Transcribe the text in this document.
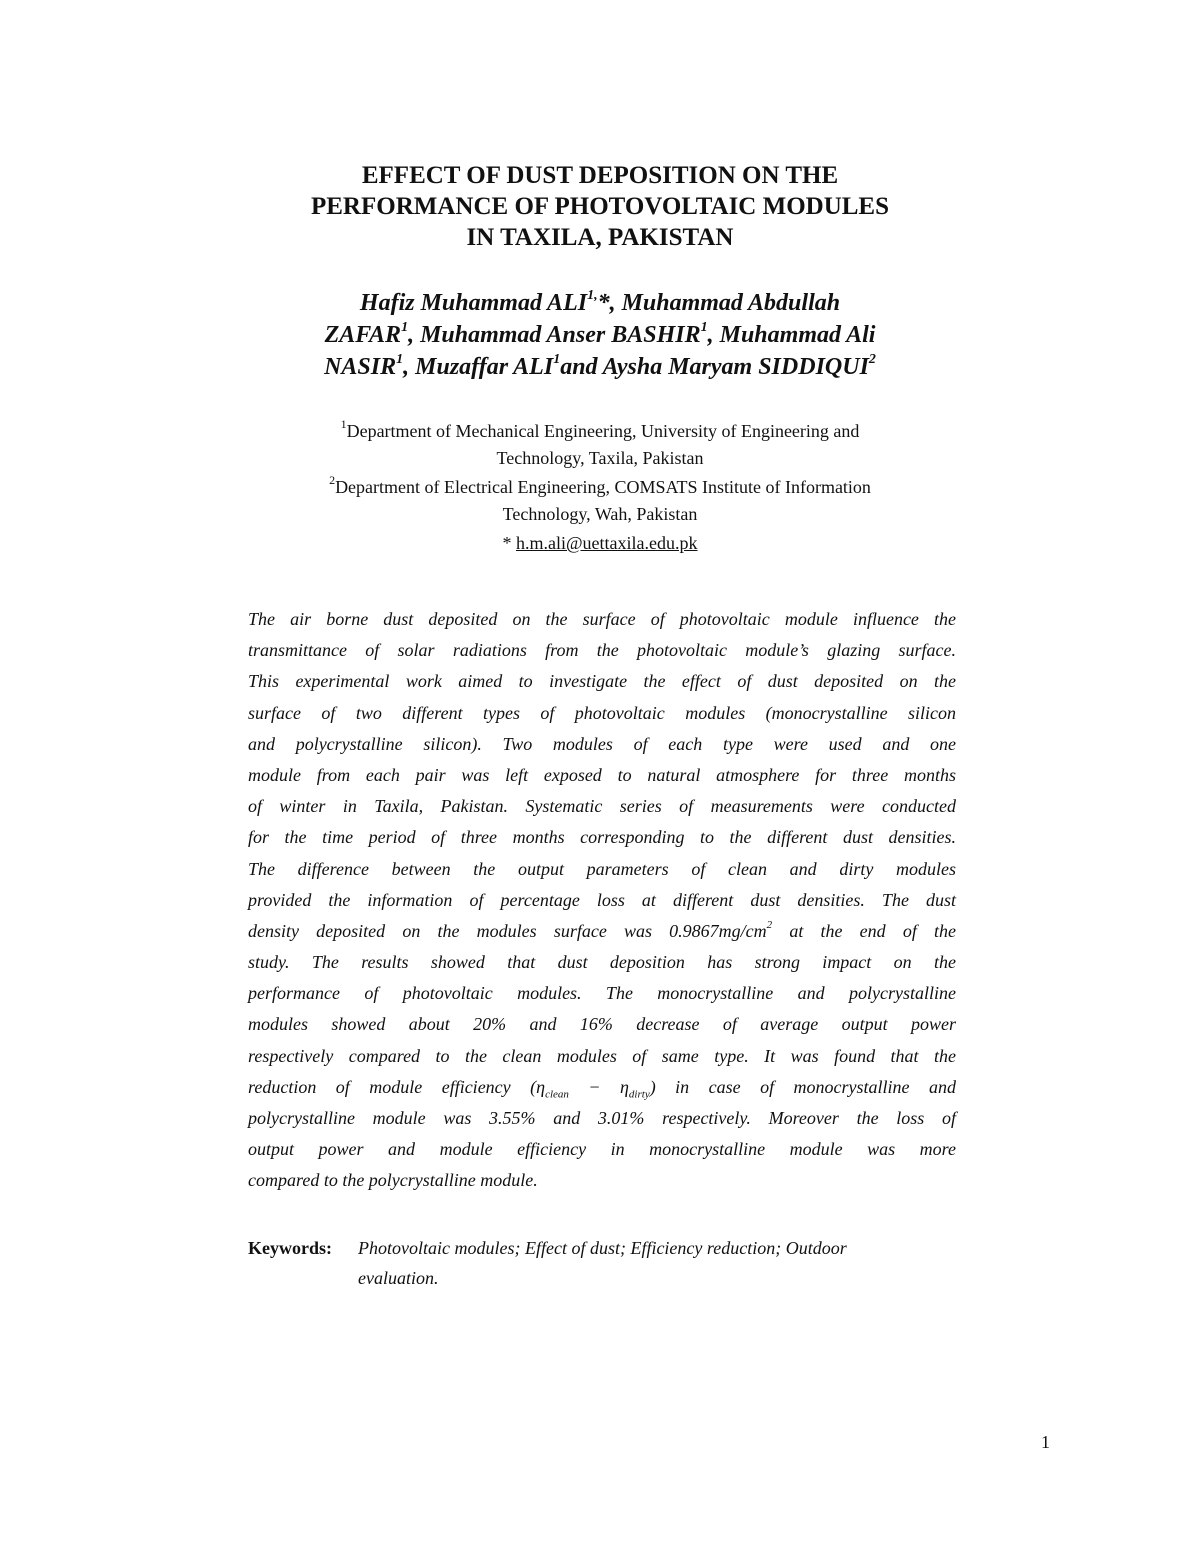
EFFECT OF DUST DEPOSITION ON THE
PERFORMANCE OF PHOTOVOLTAIC MODULES
IN TAXILA, PAKISTAN
Hafiz Muhammad $ALI^{1,}*$, Muhammad Abdullah
ZAFAR$^1$, Muhammad Anser BASHIR$^1$, Muhammad Ali
NASIR$^1$, Muzaffar ALI$^1$and Aysha Maryam SIDDIQUI$^2$
$^1$Department of Mechanical Engineering, University of Engineering and
Technology, Taxila, Pakistan
$^2$Department of Electrical Engineering, COMSATS Institute of Information
Technology, Wah, Pakistan
* h.m.ali@uettaxila.edu.pk
The air borne dust deposited on the surface of photovoltaic module influence the
transmittance of solar radiations from the photovoltaic module’s glazing surface.
This experimental work aimed to investigate the effect of dust deposited on the
surface of two different types of photovoltaic modules (monocrystalline silicon
and polycrystalline silicon). Two modules of each type were used and one
module from each pair was left exposed to natural atmosphere for three months
of winter in Taxila, Pakistan. Systematic series of measurements were conducted
for the time period of three months corresponding to the different dust densities.
The difference between the output parameters of clean and dirty modules
provided the information of percentage loss at different dust densities. The dust
density deposited on the modules surface was $0.9867mg/cm^2$ at the end of the
study. The results showed that dust deposition has strong impact on the
performance of photovoltaic modules. The monocrystalline and polycrystalline
modules showed about 20% and 16% decrease of average output power
respectively compared to the clean modules of same type. It was found that the
reduction of module efficiency $(\eta_{clean} - \eta_{dirty})$ in case of monocrystalline and
polycrystalline module was 3.55% and 3.01% respectively. Moreover the loss of
output power and module efficiency in monocrystalline module was more
compared to the polycrystalline module.
Keywords: Photovoltaic modules; Effect of dust; Efficiency reduction; Outdoor
evaluation.
1
